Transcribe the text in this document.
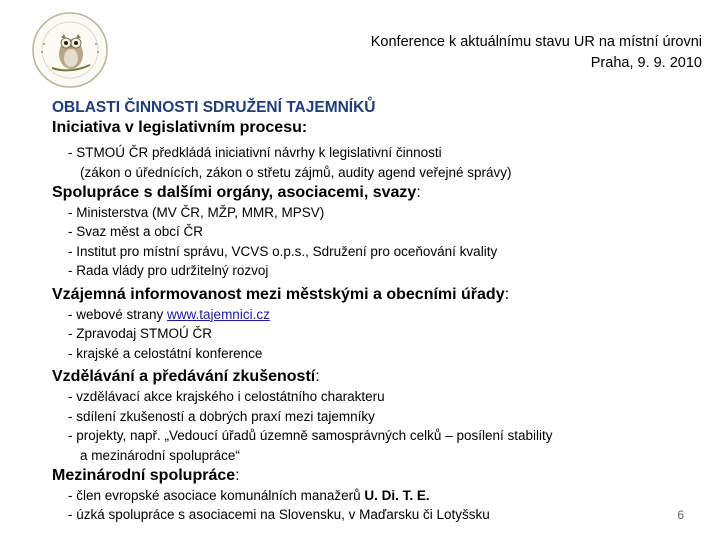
Konference k aktuálnímu stavu UR na místní úrovni
Praha, 9. 9. 2010
OBLASTI ČINNOSTI SDRUŽENÍ TAJEMNÍKŮ
Iniciativa v legislativním procesu:
- STMOÚ ČR předkládá iniciativní návrhy k legislativní činnosti
(zákon o úřednících, zákon o střetu zájmů, audity agend veřejné správy)
Spolupráce s dalšími orgány, asociacemi, svazy:
- Ministerstva (MV ČR, MŽP, MMR, MPSV)
- Svaz měst a obcí ČR
- Institut pro místní správu, VCVS o.p.s., Sdružení pro oceňování kvality
- Rada vlády pro udržitelný rozvoj
Vzájemná informovanost mezi městskými a obecními úřady:
- webové strany www.tajemnici.cz
- Zpravodaj STMOÚ ČR
- krajské a celostátní konference
Vzdělávání a předávání zkušeností:
- vzdělávací akce krajského i celostátního charakteru
- sdílení zkušeností a dobrých praxí mezi tajemníky
- projekty, např. „Vedoucí úřadů územně samosprávných celků – posílení stability
a mezinárodní spolupráce“
Mezinárodní spolupráce:
- člen evropské asociace komunálních manažerů U. Di. T. E.
- úzká spolupráce s asociacemi na Slovensku, v Maďarsku či Lotyšsku	6
